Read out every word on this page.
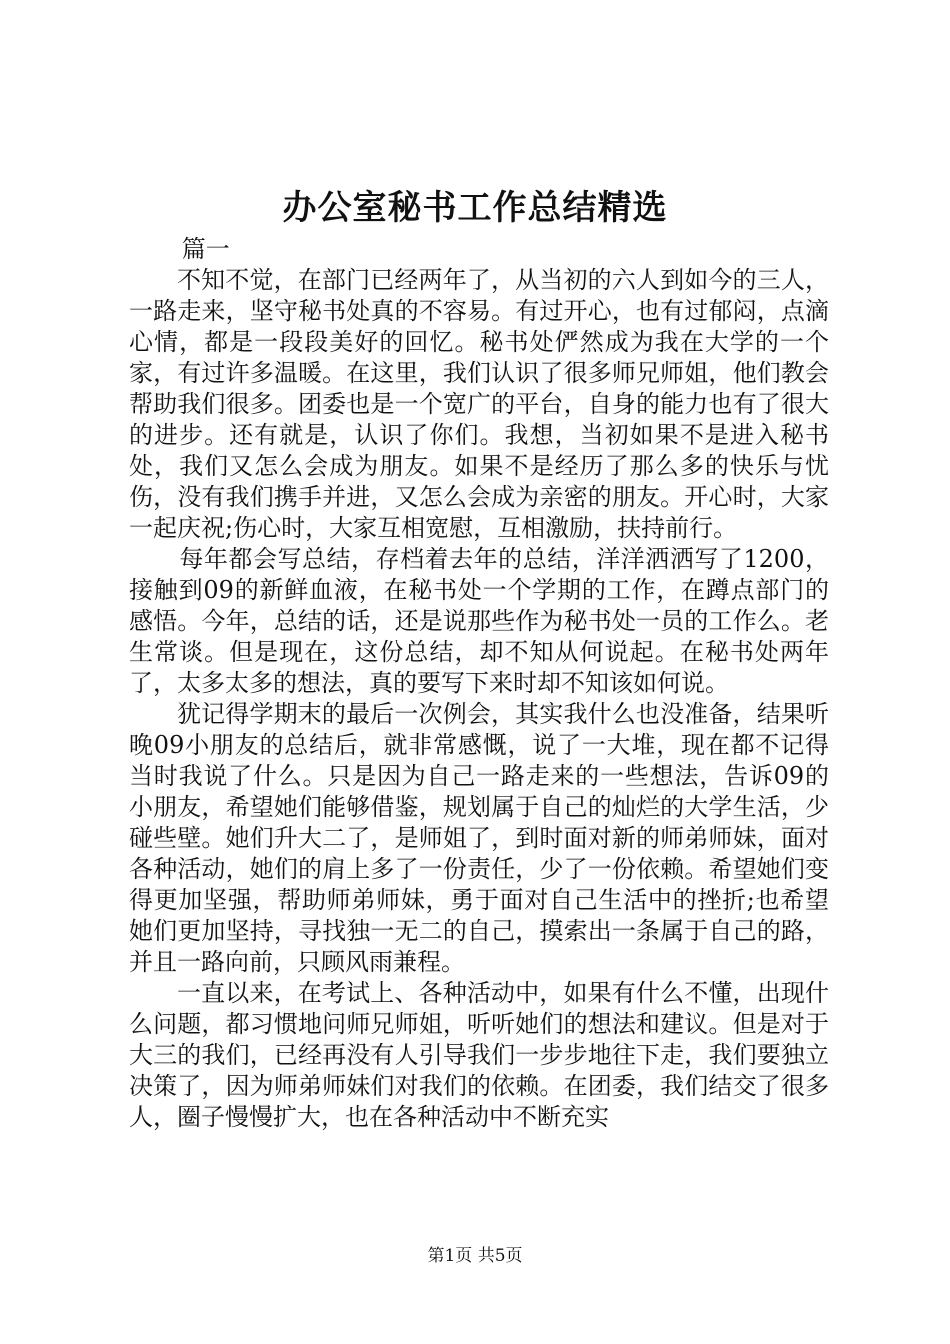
办公室秘书工作总结精选

篇一

不知不觉，在部门已经两年了，从当初的六人到如今的三人，一路走来，坚守秘书处真的不容易。有过开心，也有过郁闷，点滴心情，都是一段段美好的回忆。秘书处俨然成为我在大学的一个家，有过许多温暖。在这里，我们认识了很多师兄师姐，他们教会帮助我们很多。团委也是一个宽广的平台，自身的能力也有了很大的进步。还有就是，认识了你们。我想，当初如果不是进入秘书处，我们又怎么会成为朋友。如果不是经历了那么多的快乐与忧伤，没有我们携手并进，又怎么会成为亲密的朋友。开心时，大家一起庆祝;伤心时，大家互相宽慰，互相激励，扶持前行。

每年都会写总结，存档着去年的总结，洋洋洒洒写了1200，接触到09的新鲜血液，在秘书处一个学期的工作，在蹲点部门的感悟。今年，总结的话，还是说那些作为秘书处一员的工作么。老生常谈。但是现在，这份总结，却不知从何说起。在秘书处两年了，太多太多的想法，真的要写下来时却不知该如何说。

犹记得学期末的最后一次例会，其实我什么也没准备，结果听晚09小朋友的总结后，就非常感慨，说了一大堆，现在都不记得当时我说了什么。只是因为自己一路走来的一些想法，告诉09的小朋友，希望她们能够借鉴，规划属于自己的灿烂的大学生活，少碰些壁。她们升大二了，是师姐了，到时面对新的师弟师妹，面对各种活动，她们的肩上多了一份责任，少了一份依赖。希望她们变得更加坚强，帮助师弟师妹，勇于面对自己生活中的挫折;也希望她们更加坚持，寻找独一无二的自己，摸索出一条属于自己的路，并且一路向前，只顾风雨兼程。

一直以来，在考试上、各种活动中，如果有什么不懂，出现什么问题，都习惯地问师兄师姐，听听她们的想法和建议。但是对于大三的我们，已经再没有人引导我们一步步地往下走，我们要独立决策了，因为师弟师妹们对我们的依赖。在团委，我们结交了很多人，圈子慢慢扩大，也在各种活动中不断充实

第1页 共5页
